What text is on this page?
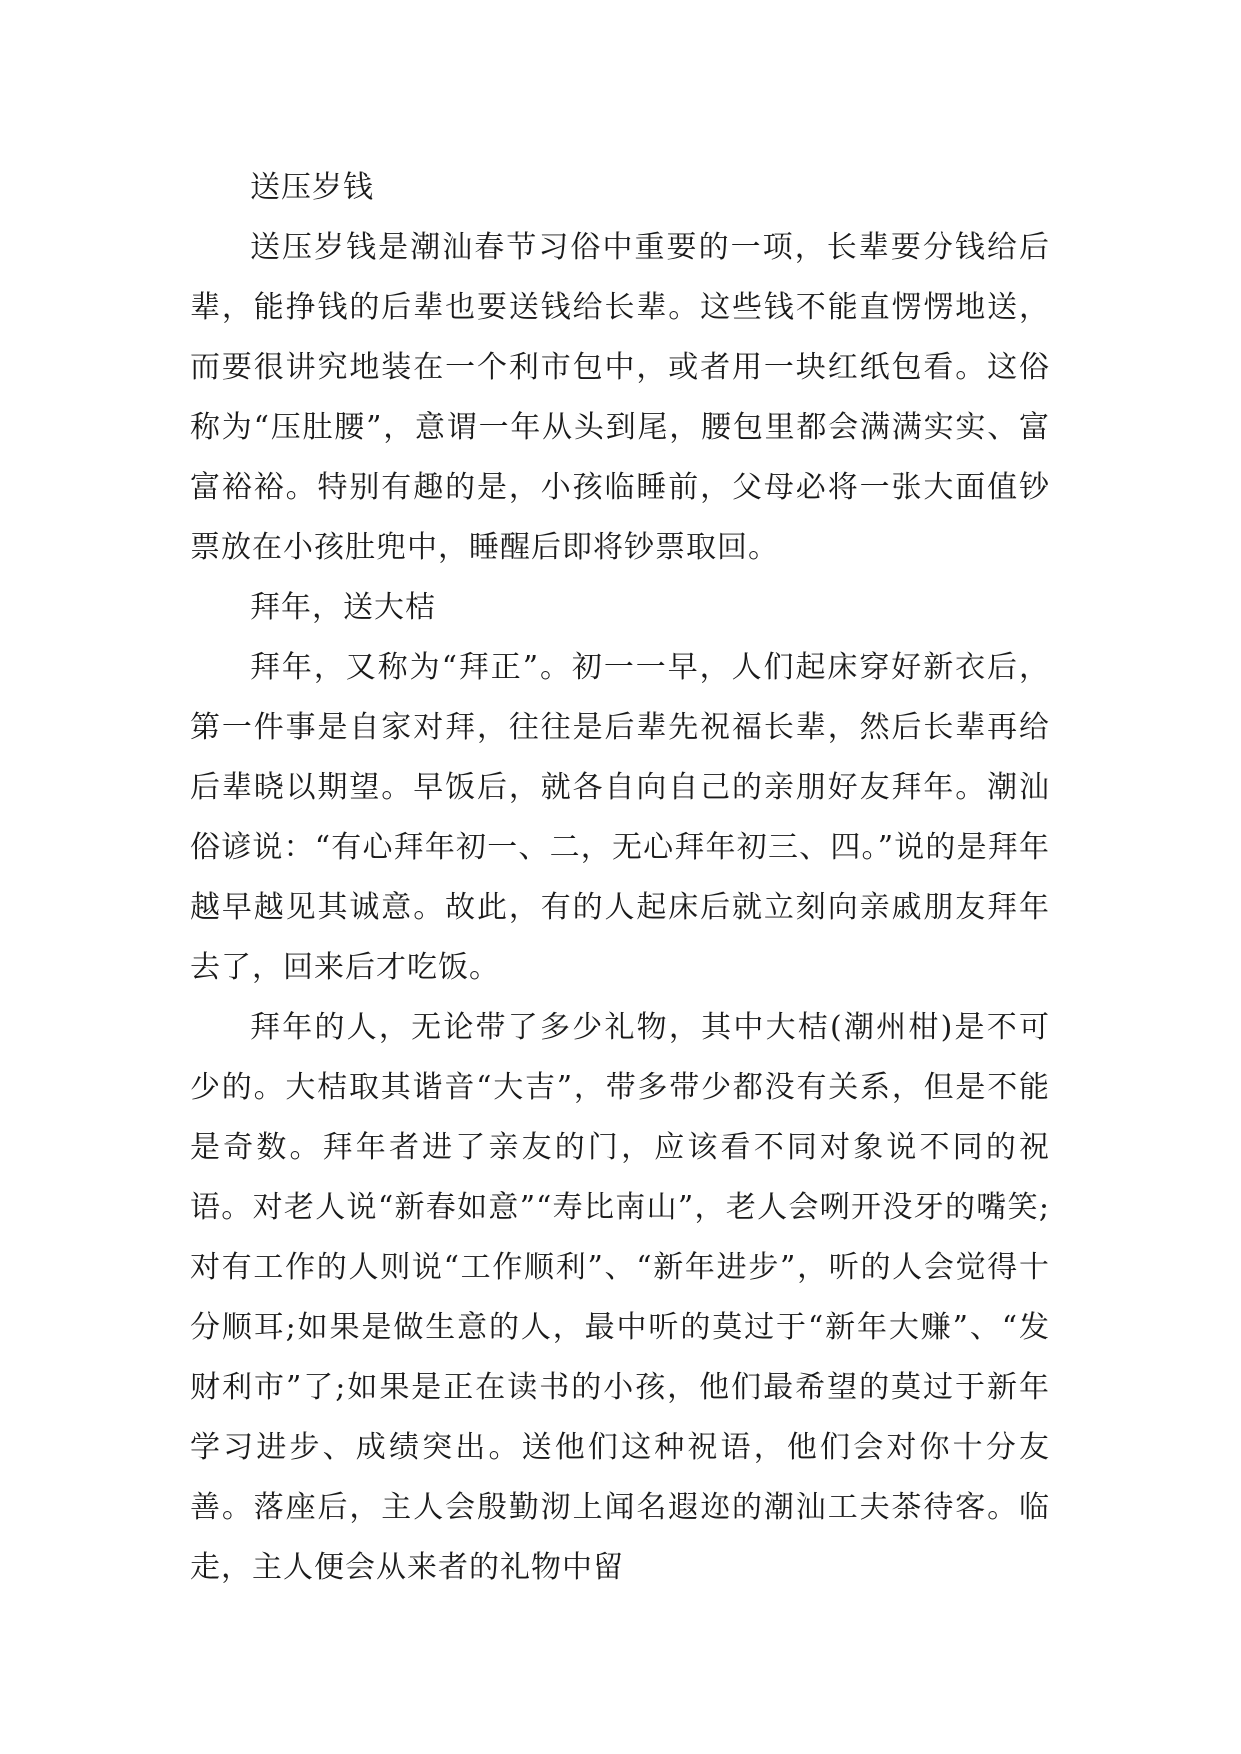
送压岁钱

送压岁钱是潮汕春节习俗中重要的一项，长辈要分钱给后辈，能挣钱的后辈也要送钱给长辈。这些钱不能直愣愣地送，而要很讲究地装在一个利市包中，或者用一块红纸包看。这俗称为“压肚腰”，意谓一年从头到尾，腰包里都会满满实实、富富裕裕。特别有趣的是，小孩临睡前，父母必将一张大面值钞票放在小孩肚兜中，睡醒后即将钞票取回。

拜年，送大桔

拜年，又称为“拜正”。初一一早，人们起床穿好新衣后，第一件事是自家对拜，往往是后辈先祝福长辈，然后长辈再给后辈晓以期望。早饭后，就各自向自己的亲朋好友拜年。潮汕俗谚说：“有心拜年初一、二，无心拜年初三、四。”说的是拜年越早越见其诚意。故此，有的人起床后就立刻向亲戚朋友拜年去了，回来后才吃饭。

拜年的人，无论带了多少礼物，其中大桔(潮州柑)是不可少的。大桔取其谐音“大吉”，带多带少都没有关系，但是不能是奇数。拜年者进了亲友的门，应该看不同对象说不同的祝语。对老人说“新春如意”“寿比南山”，老人会咧开没牙的嘴笑;对有工作的人则说“工作顺利”、“新年进步”，听的人会觉得十分顺耳;如果是做生意的人，最中听的莫过于“新年大赚”、“发财利市”了;如果是正在读书的小孩，他们最希望的莫过于新年学习进步、成绩突出。送他们这种祝语，他们会对你十分友善。落座后，主人会殷勤沏上闻名遐迩的潮汕工夫茶待客。临走，主人便会从来者的礼物中留
